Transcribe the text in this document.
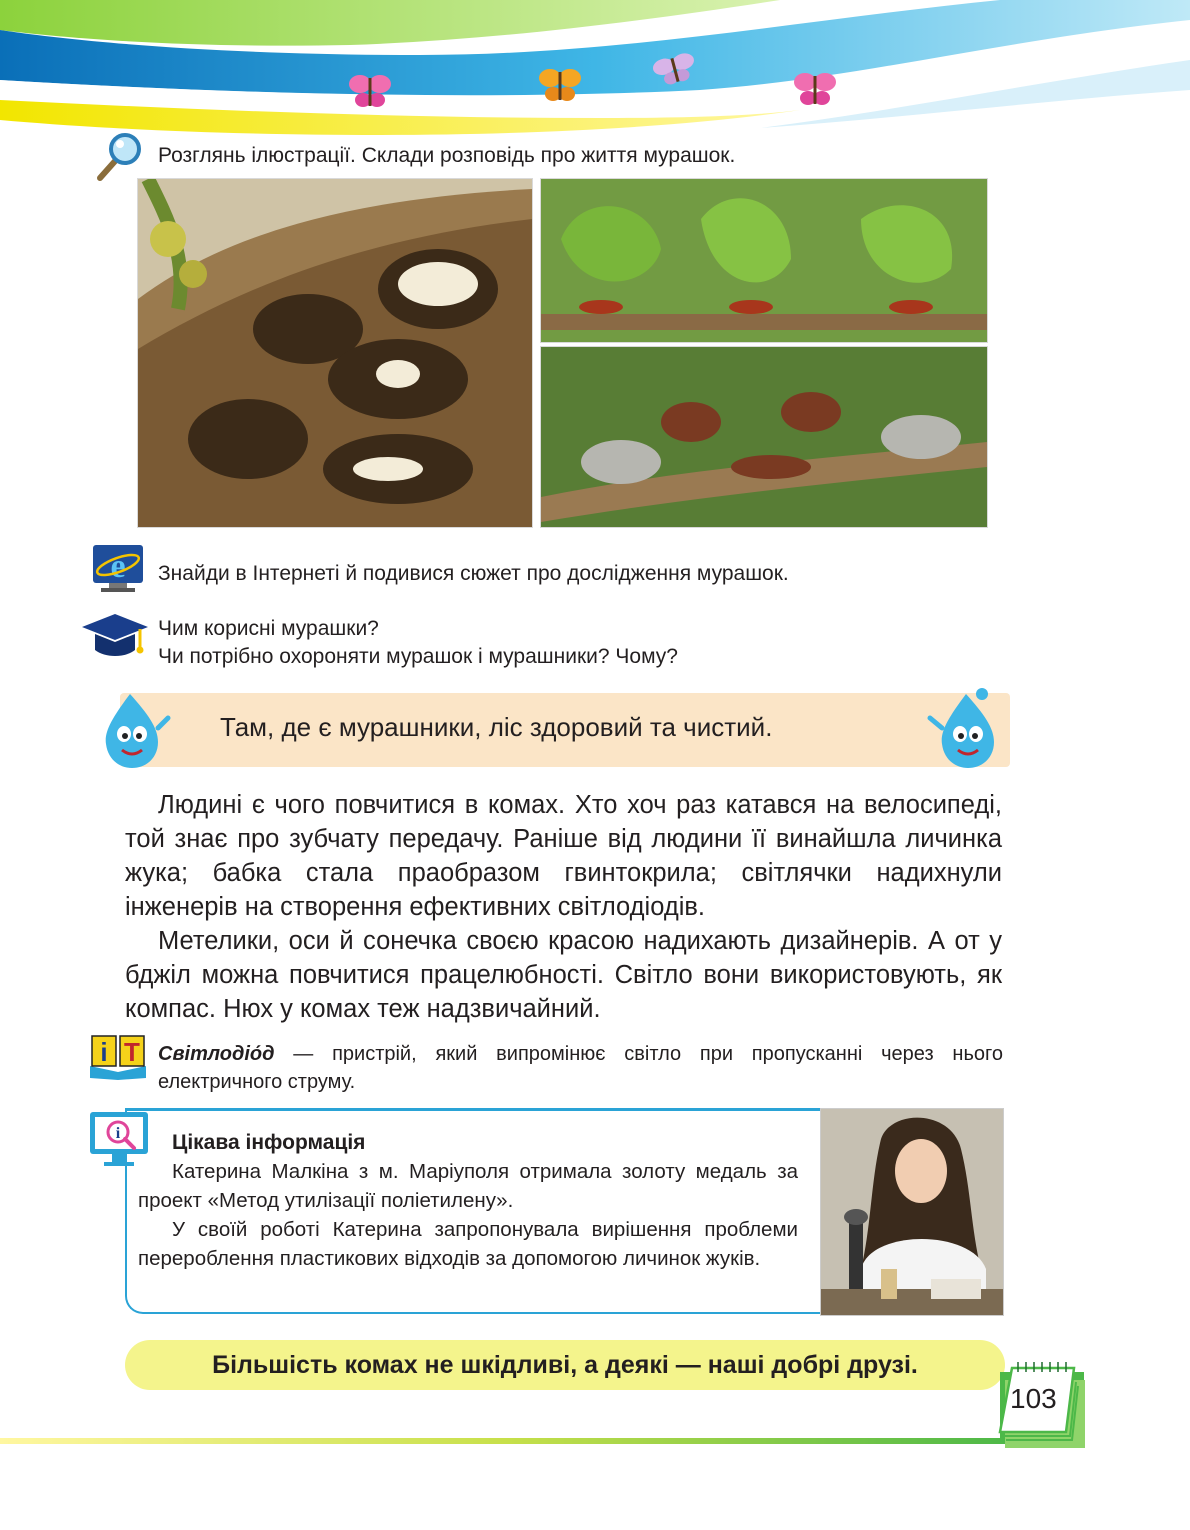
Розглянь ілюстрації. Склади розповідь про життя мурашок.
e Знайди в Інтернеті й подивися сюжет про дослідження мурашок.
Чим корисні мурашки?
Чи потрібно охороняти мурашок і мурашники? Чому?
Там, де є мурашники, ліс здоровий та чистий.

Людині є чого повчитися в комах. Хто хоч раз катався на велосипеді, той знає про зубчату передачу. Раніше від людини її винайшла личинка жука; бабка стала праобразом гвинтокрила; світлячки надихнули інженерів на створення ефективних світлодіодів.

Метелики, оси й сонечка своєю красою надихають дизайнерів. А от у бджіл можна повчитися працелюбності. Світло вони використовують, як компас. Нюх у комах теж надзвичайний.

і Т Світлодіо́д — пристрій, який випромінює світло при пропусканні через нього електричного струму.
i	Цікава інформація

Катерина Малкіна з м. Маріуполя отримала золоту медаль за проект «Метод утилізації поліетилену».

У своїй роботі Катерина запропонувала вирішення проблеми перероблення пластикових відходів за допомогою личинок жуків.

Більшість комах не шкідливі, а деякі — наші добрі друзі.
103
